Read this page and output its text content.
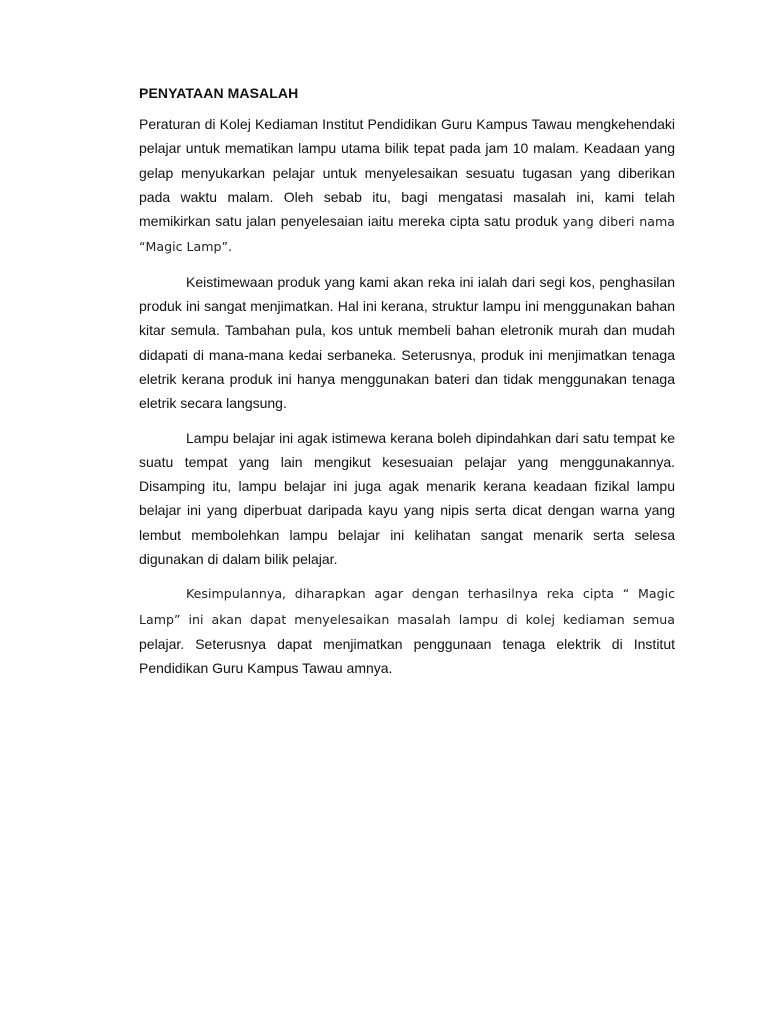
PENYATAAN MASALAH

Peraturan di Kolej Kediaman Institut Pendidikan Guru Kampus Tawau mengkehendaki pelajar untuk mematikan lampu utama bilik tepat pada jam 10 malam. Keadaan yang gelap menyukarkan pelajar untuk menyelesaikan sesuatu tugasan yang diberikan pada waktu malam. Oleh sebab itu, bagi mengatasi masalah ini, kami telah memikirkan satu jalan penyelesaian iaitu mereka cipta satu produk yang diberi nama “Magic Lamp”.

Keistimewaan produk yang kami akan reka ini ialah dari segi kos, penghasilan produk ini sangat menjimatkan. Hal ini kerana, struktur lampu ini menggunakan bahan kitar semula. Tambahan pula, kos untuk membeli bahan eletronik murah dan mudah didapati di mana-mana kedai serbaneka. Seterusnya, produk ini menjimatkan tenaga eletrik kerana produk ini hanya menggunakan bateri dan tidak menggunakan tenaga eletrik secara langsung.

Lampu belajar ini agak istimewa kerana boleh dipindahkan dari satu tempat ke suatu tempat yang lain mengikut kesesuaian pelajar yang menggunakannya. Disamping itu, lampu belajar ini juga agak menarik kerana keadaan fizikal lampu belajar ini yang diperbuat daripada kayu yang nipis serta dicat dengan warna yang lembut membolehkan lampu belajar ini kelihatan sangat menarik serta selesa digunakan di dalam bilik pelajar.

Kesimpulannya, diharapkan agar dengan terhasilnya reka cipta “ Magic Lamp” ini akan dapat menyelesaikan masalah lampu di kolej kediaman semua pelajar. Seterusnya dapat menjimatkan penggunaan tenaga elektrik di Institut Pendidikan Guru Kampus Tawau amnya.
